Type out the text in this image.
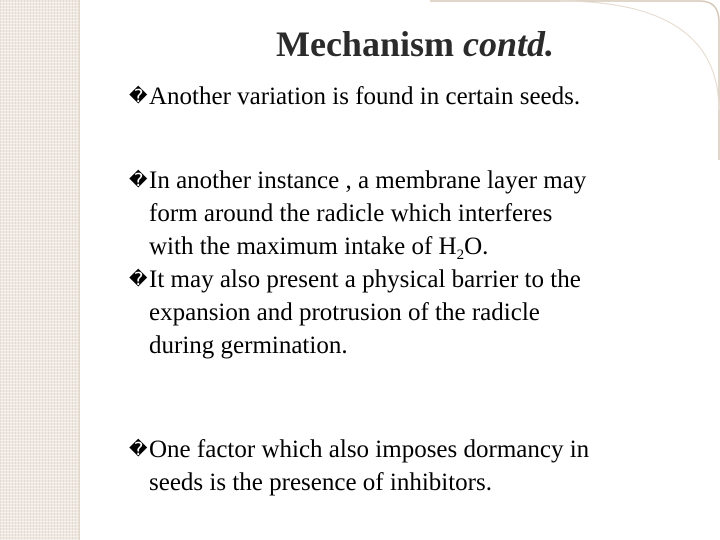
Mechanism contd.
�Another variation is found in certain seeds.
�In another instance , a membrane layer may
form around the radicle which interferes
with the maximum intake of $H_2O$.
�It may also present a physical barrier to the
expansion and protrusion of the radicle
during germination.
�One factor which also imposes dormancy in
seeds is the presence of inhibitors.
